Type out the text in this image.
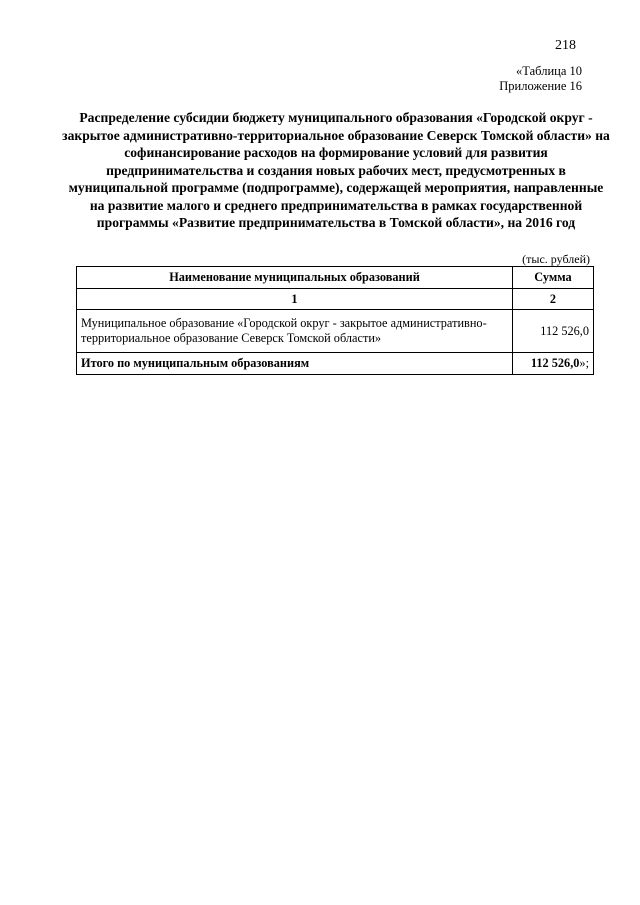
218
«Таблица 10
Приложение 16
Распределение субсидии бюджету муниципального образования «Городской округ - закрытое административно-территориальное образование Северск Томской области» на софинансирование расходов на формирование условий для развития предпринимательства и создания новых рабочих мест, предусмотренных в муниципальной программе (подпрограмме), содержащей мероприятия, направленные на развитие малого и среднего предпринимательства в рамках государственной программы «Развитие предпринимательства в Томской области», на 2016 год
(тыс. рублей)
Наименование муниципальных образований	Сумма
1	2
Муниципальное образование «Городской округ - закрытое административно-территориальное образование Северск Томской области»	112 526,0
Итого по муниципальным образованиям	112 526,0»;
